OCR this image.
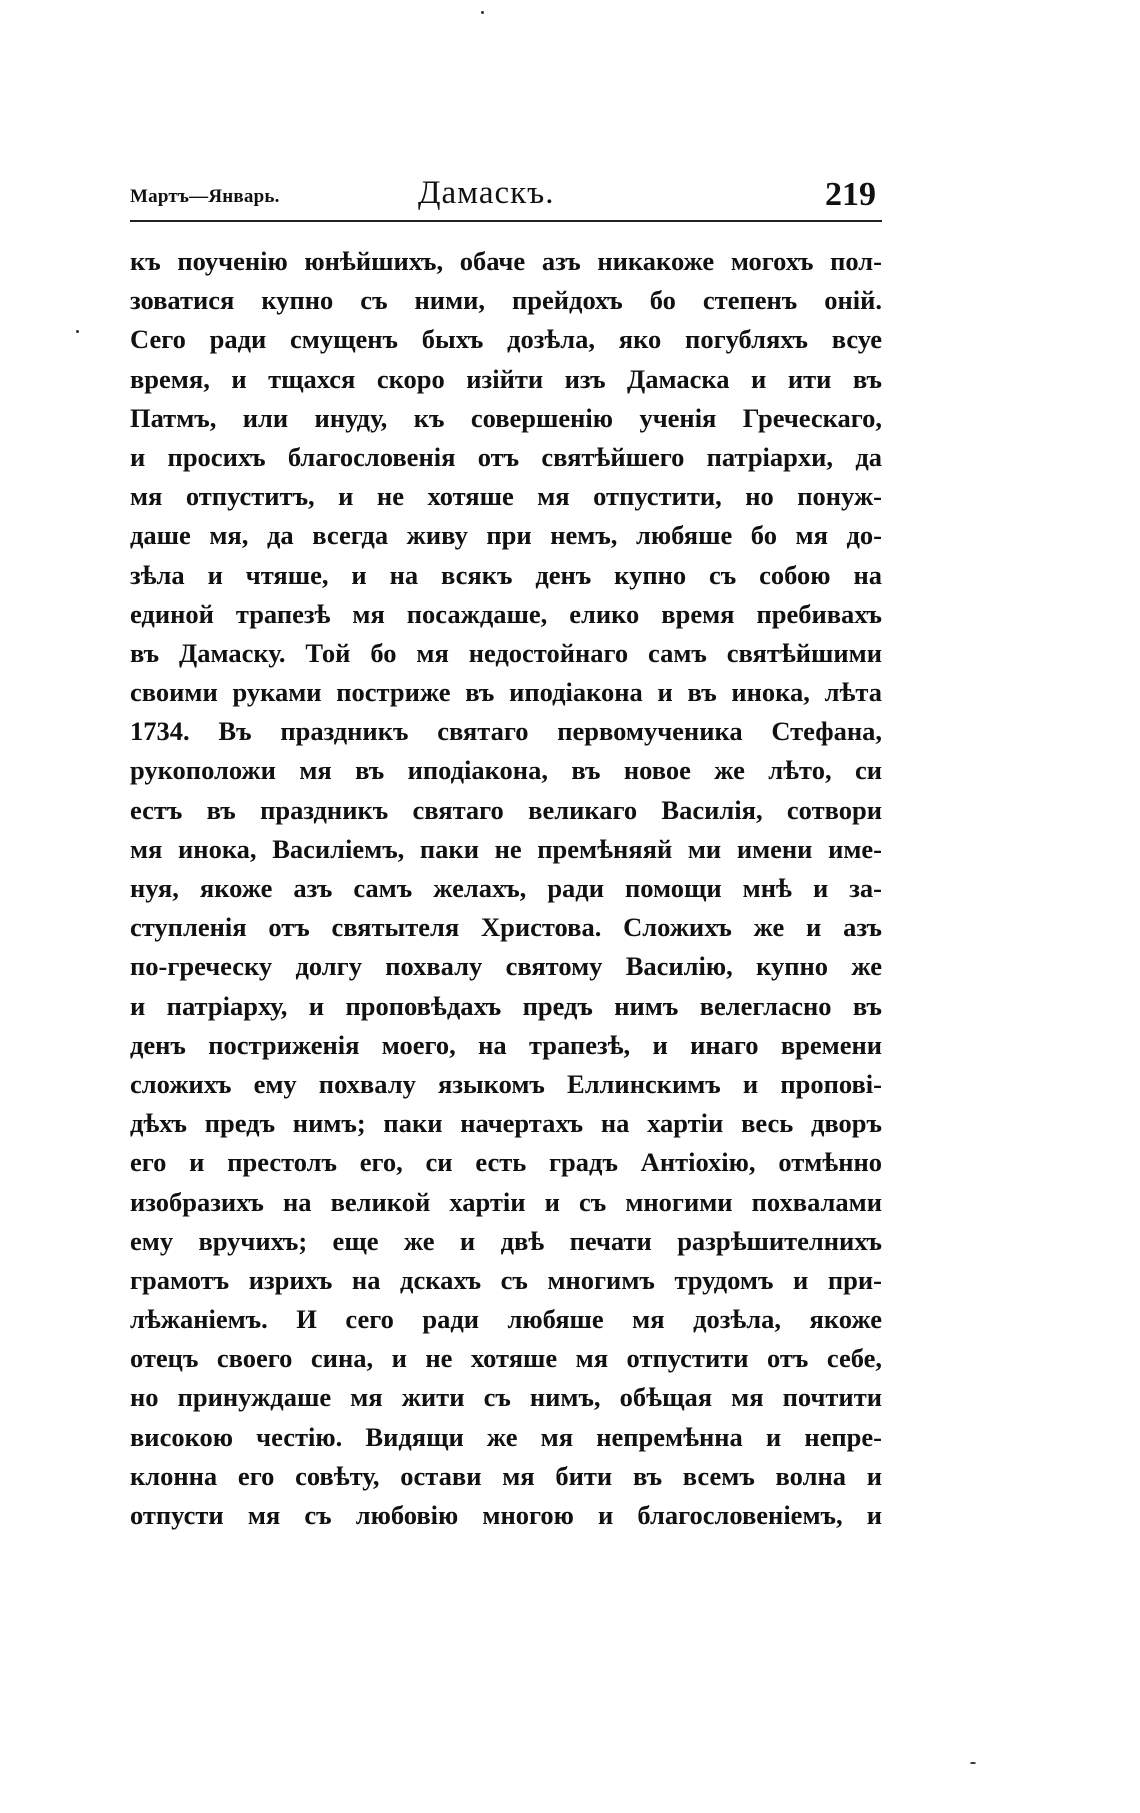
Мартъ—Январь.	Дамаскъ.	219
къ поученію юнѣйшихъ, обаче азъ никакоже могохъ пол-
зоватися купно съ ними, прейдохъ бо степенъ оній.
Сего ради смущенъ быхъ дозѣла, яко погубляхъ всуе
время, и тщахся скоро изійти изъ Дамаска и ити въ
Патмъ, или инуду, къ совершенію ученія Греческаго,
и просихъ благословенія отъ святѣйшего патріархи, да
мя отпуститъ, и не хотяше мя отпустити, но понуж-
даше мя, да всегда живу при немъ, любяше бо мя до-
зѣла и чтяше, и на всякъ денъ купно съ собою на
единой трапезѣ мя посаждаше, елико время пребивахъ
въ Дамаску. Той бо мя недостойнаго самъ святѣйшими
своими руками постриже въ иподіакона и въ инока, лѣта
1734. Въ праздникъ святаго первомученика Стефана,
рукоположи мя въ иподіакона, въ новое же лѣто, си
естъ въ праздникъ святаго великаго Василія, сотвори
мя инока, Василіемъ, паки не премѣняяй ми имени име-
нуя, якоже азъ самъ желахъ, ради помощи мнѣ и за-
ступленія отъ святытеля Христова. Сложихъ же и азъ
по-греческу долгу похвалу святому Василію, купно же
и патріарху, и проповѣдахъ предъ нимъ велегласно въ
денъ постриженія моего, на трапезѣ, и инаго времени
сложихъ ему похвалу языкомъ Еллинскимъ и пропові-
дѣхъ предъ нимъ; паки начертахъ на хартіи весь дворъ
его и престолъ его, си есть градъ Антіохію, отмѣнно
изобразихъ на великой хартіи и съ многими похвалами
ему вручихъ; еще же и двѣ печати разрѣшителнихъ
грамотъ изрихъ на дскахъ съ многимъ трудомъ и при-
лѣжаніемъ. И сего ради любяше мя дозѣла, якоже
отецъ своего сина, и не хотяше мя отпустити отъ себе,
но принуждаше мя жити съ нимъ, обѣщая мя почтити
високою честію. Видящи же мя непремѣнна и непре-
клонна его совѣту, остави мя бити въ всемъ волна и
отпусти мя съ любовію многою и благословеніемъ, и
